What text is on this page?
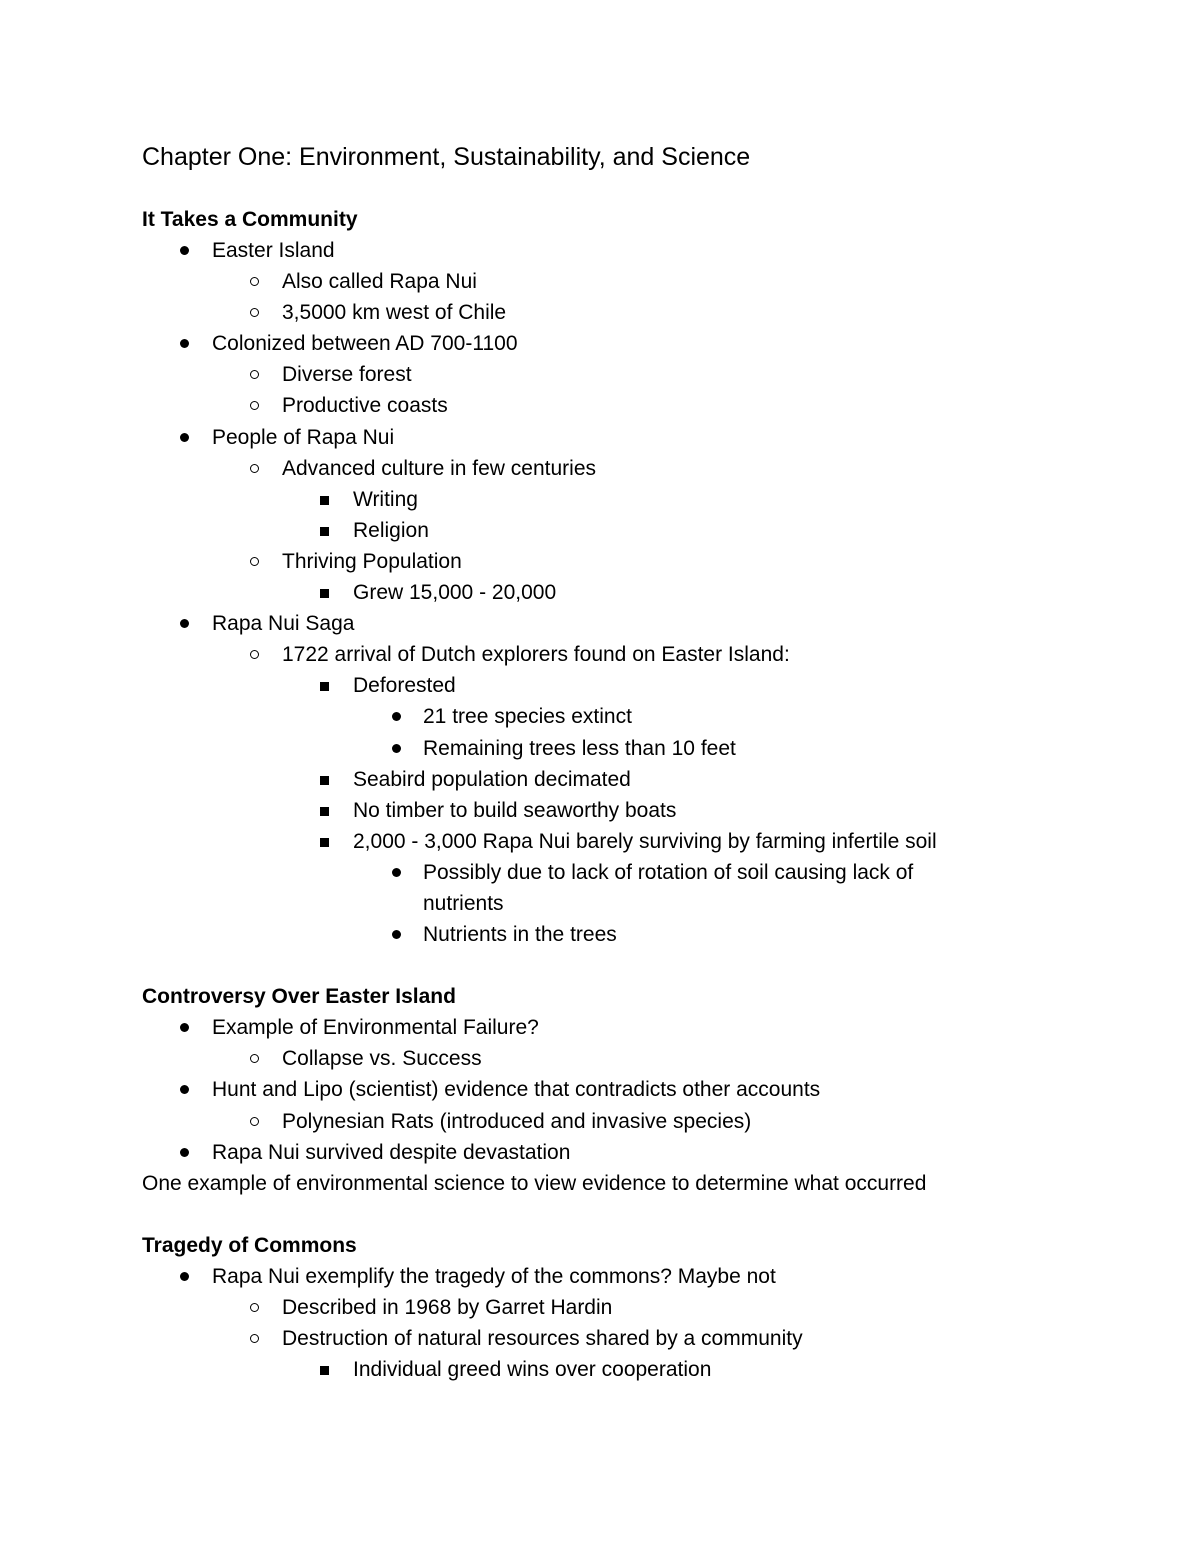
Chapter One: Environment, Sustainability, and Science
It Takes a Community
Easter Island
Also called Rapa Nui
3,5000 km west of Chile
Colonized between AD 700-1100
Diverse forest
Productive coasts
People of Rapa Nui
Advanced culture in few centuries
Writing
Religion
Thriving Population
Grew 15,000 - 20,000
Rapa Nui Saga
1722 arrival of Dutch explorers found on Easter Island:
Deforested
21 tree species extinct
Remaining trees less than 10 feet
Seabird population decimated
No timber to build seaworthy boats
2,000 - 3,000 Rapa Nui barely surviving by farming infertile soil
Possibly due to lack of rotation of soil causing lack of nutrients
Nutrients in the trees
Controversy Over Easter Island
Example of Environmental Failure?
Collapse vs. Success
Hunt and Lipo (scientist) evidence that contradicts other accounts
Polynesian Rats (introduced and invasive species)
Rapa Nui survived despite devastation
One example of environmental science to view evidence to determine what occurred
Tragedy of Commons
Rapa Nui exemplify the tragedy of the commons? Maybe not
Described in 1968 by Garret Hardin
Destruction of natural resources shared by a community
Individual greed wins over cooperation
